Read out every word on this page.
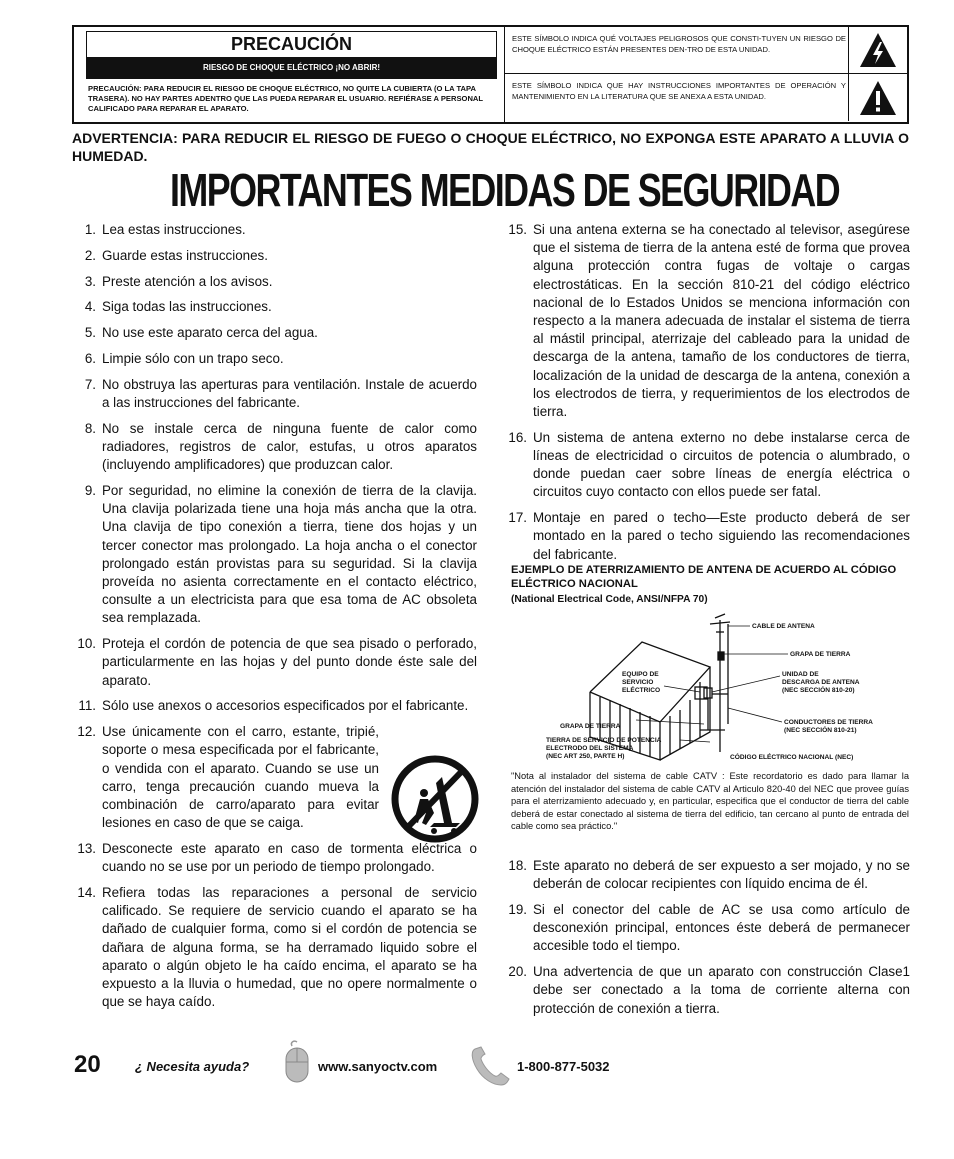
PRECAUCIÓN
RIESGO DE CHOQUE ELÉCTRICO ¡NO ABRIR!
PRECAUCIÓN: PARA REDUCIR EL RIESGO DE CHOQUE ELÉCTRICO, NO QUITE LA CUBIERTA (O LA TAPA TRASERA). NO HAY PARTES ADENTRO QUE LAS PUEDA REPARAR EL USUARIO. REFIÉRASE A PERSONAL CALIFICADO PARA REPARAR EL APARATO.
ESTE SÍMBOLO INDICA QUÉ VOLTAJES PELIGROSOS QUE CONSTI-TUYEN UN RIESGO DE CHOQUE ELÉCTRICO ESTÁN PRESENTES DEN-TRO DE ESTA UNIDAD.
ESTE SÍMBOLO INDICA QUE HAY INSTRUCCIONES IMPORTANTES DE OPERACIÓN Y MANTENIMIENTO EN LA LITERATURA QUE SE ANEXA A ESTA UNIDAD.
ADVERTENCIA: PARA REDUCIR EL RIESGO DE FUEGO O CHOQUE ELÉCTRICO, NO EXPONGA ESTE APARATO A LLUVIA O HUMEDAD.
IMPORTANTES MEDIDAS DE SEGURIDAD
1. Lea estas instrucciones.
2. Guarde estas instrucciones.
3. Preste atención a los avisos.
4. Siga todas las instrucciones.
5. No use este aparato cerca del agua.
6. Limpie sólo con un trapo seco.
7. No obstruya las aperturas para ventilación. Instale de acuerdo a las instrucciones del fabricante.
8. No se instale cerca de ninguna fuente de calor como radiadores, registros de calor, estufas, u otros aparatos (incluyendo amplificadores) que produzcan calor.
9. Por seguridad, no elimine la conexión de tierra de la clavija. Una clavija polarizada tiene una hoja más ancha que la otra. Una clavija de tipo conexión a tierra, tiene dos hojas y un tercer conector mas prolongado. La hoja ancha o el conector prolongado están provistas para su seguridad. Si la clavija proveída no asienta correctamente en el contacto eléctrico, consulte a un electricista para que esa toma de AC obsoleta sea remplazada.
10. Proteja el cordón de potencia de que sea pisado o perforado, particularmente en las hojas y del punto donde éste sale del aparato.
11. Sólo use anexos o accesorios especificados por el fabricante.
12. Use únicamente con el carro, estante, tripié, soporte o mesa especificada por el fabricante, o vendida con el aparato. Cuando se use un carro, tenga precaución cuando mueva la combinación de carro/aparato para evitar lesiones en caso de que se caiga.
13. Desconecte este aparato en caso de tormenta eléctrica o cuando no se use por un periodo de tiempo prolongado.
14. Refiera todas las reparaciones a personal de servicio calificado. Se requiere de servicio cuando el aparato se ha dañado de cualquier forma, como si el cordón de potencia se dañara de alguna forma, se ha derramado liquido sobre el aparato o algún objeto le ha caído encima, el aparato se ha expuesto a la lluvia o humedad, que no opere normalmente o que se haya caído.
15. Si una antena externa se ha conectado al televisor, asegúrese que el sistema de tierra de la antena esté de forma que provea alguna protección contra fugas de voltaje o cargas electrostáticas. En la sección 810-21 del código eléctrico nacional de lo Estados Unidos se menciona información con respecto a la manera adecuada de instalar el sistema de tierra al mástil principal, aterrizaje del cableado para la unidad de descarga de la antena, tamaño de los conductores de tierra, localización de la unidad de descarga de la antena, conexión a los electrodos de tierra, y requerimientos de los electrodos de tierra.
16. Un sistema de antena externo no debe instalarse cerca de líneas de electricidad o circuitos de potencia o alumbrado, o donde puedan caer sobre líneas de energía eléctrica o circuitos cuyo contacto con ellos puede ser fatal.
17. Montaje en pared o techo—Este producto deberá de ser montado en la pared o techo siguiendo las recomendaciones del fabricante.
EJEMPLO DE ATERRIZAMIENTO DE ANTENA DE ACUERDO AL CÓDIGO ELÉCTRICO NACIONAL
(National Electrical Code, ANSI/NFPA 70)
CABLE DE ANTENA
GRAPA DE TIERRA
EQUIPO DE
SERVICIO
ELÉCTRICO
UNIDAD DE
DESCARGA DE ANTENA
(NEC SECCIÓN 810-20)
CONDUCTORES DE TIERRA
(NEC SECCIÓN 810-21)
GRAPA DE TIERRA
TIERRA DE SERVICIO DE POTENCIA
ELECTRODO DEL SISTEMA
(NEC ART 250, PARTE H)	CÓDIGO ELÉCTRICO NACIONAL (NEC)
"Nota al instalador del sistema de cable CATV : Este recordatorio es dado para llamar la atención del instalador del sistema de cable CATV al Articulo 820-40 del NEC que provee guías para el aterrizamiento adecuado y, en particular, especifica que el conductor de tierra del cable deberá de estar conectado al sistema de tierra del edificio, tan cercano al punto de entrada del cable como sea práctico."
18. Este aparato no deberá de ser expuesto a ser mojado, y no se deberán de colocar recipientes con líquido encima de él.
19. Si el conector del cable de AC se usa como artículo de desconexión principal, entonces éste deberá de permanecer accesible todo el tiempo.
20. Una advertencia de que un aparato con construcción Clase1 debe ser conectado a la toma de corriente alterna con protección de conexión a tierra.
20	¿ Necesita ayuda?	www.sanyoctv.com	1-800-877-5032
